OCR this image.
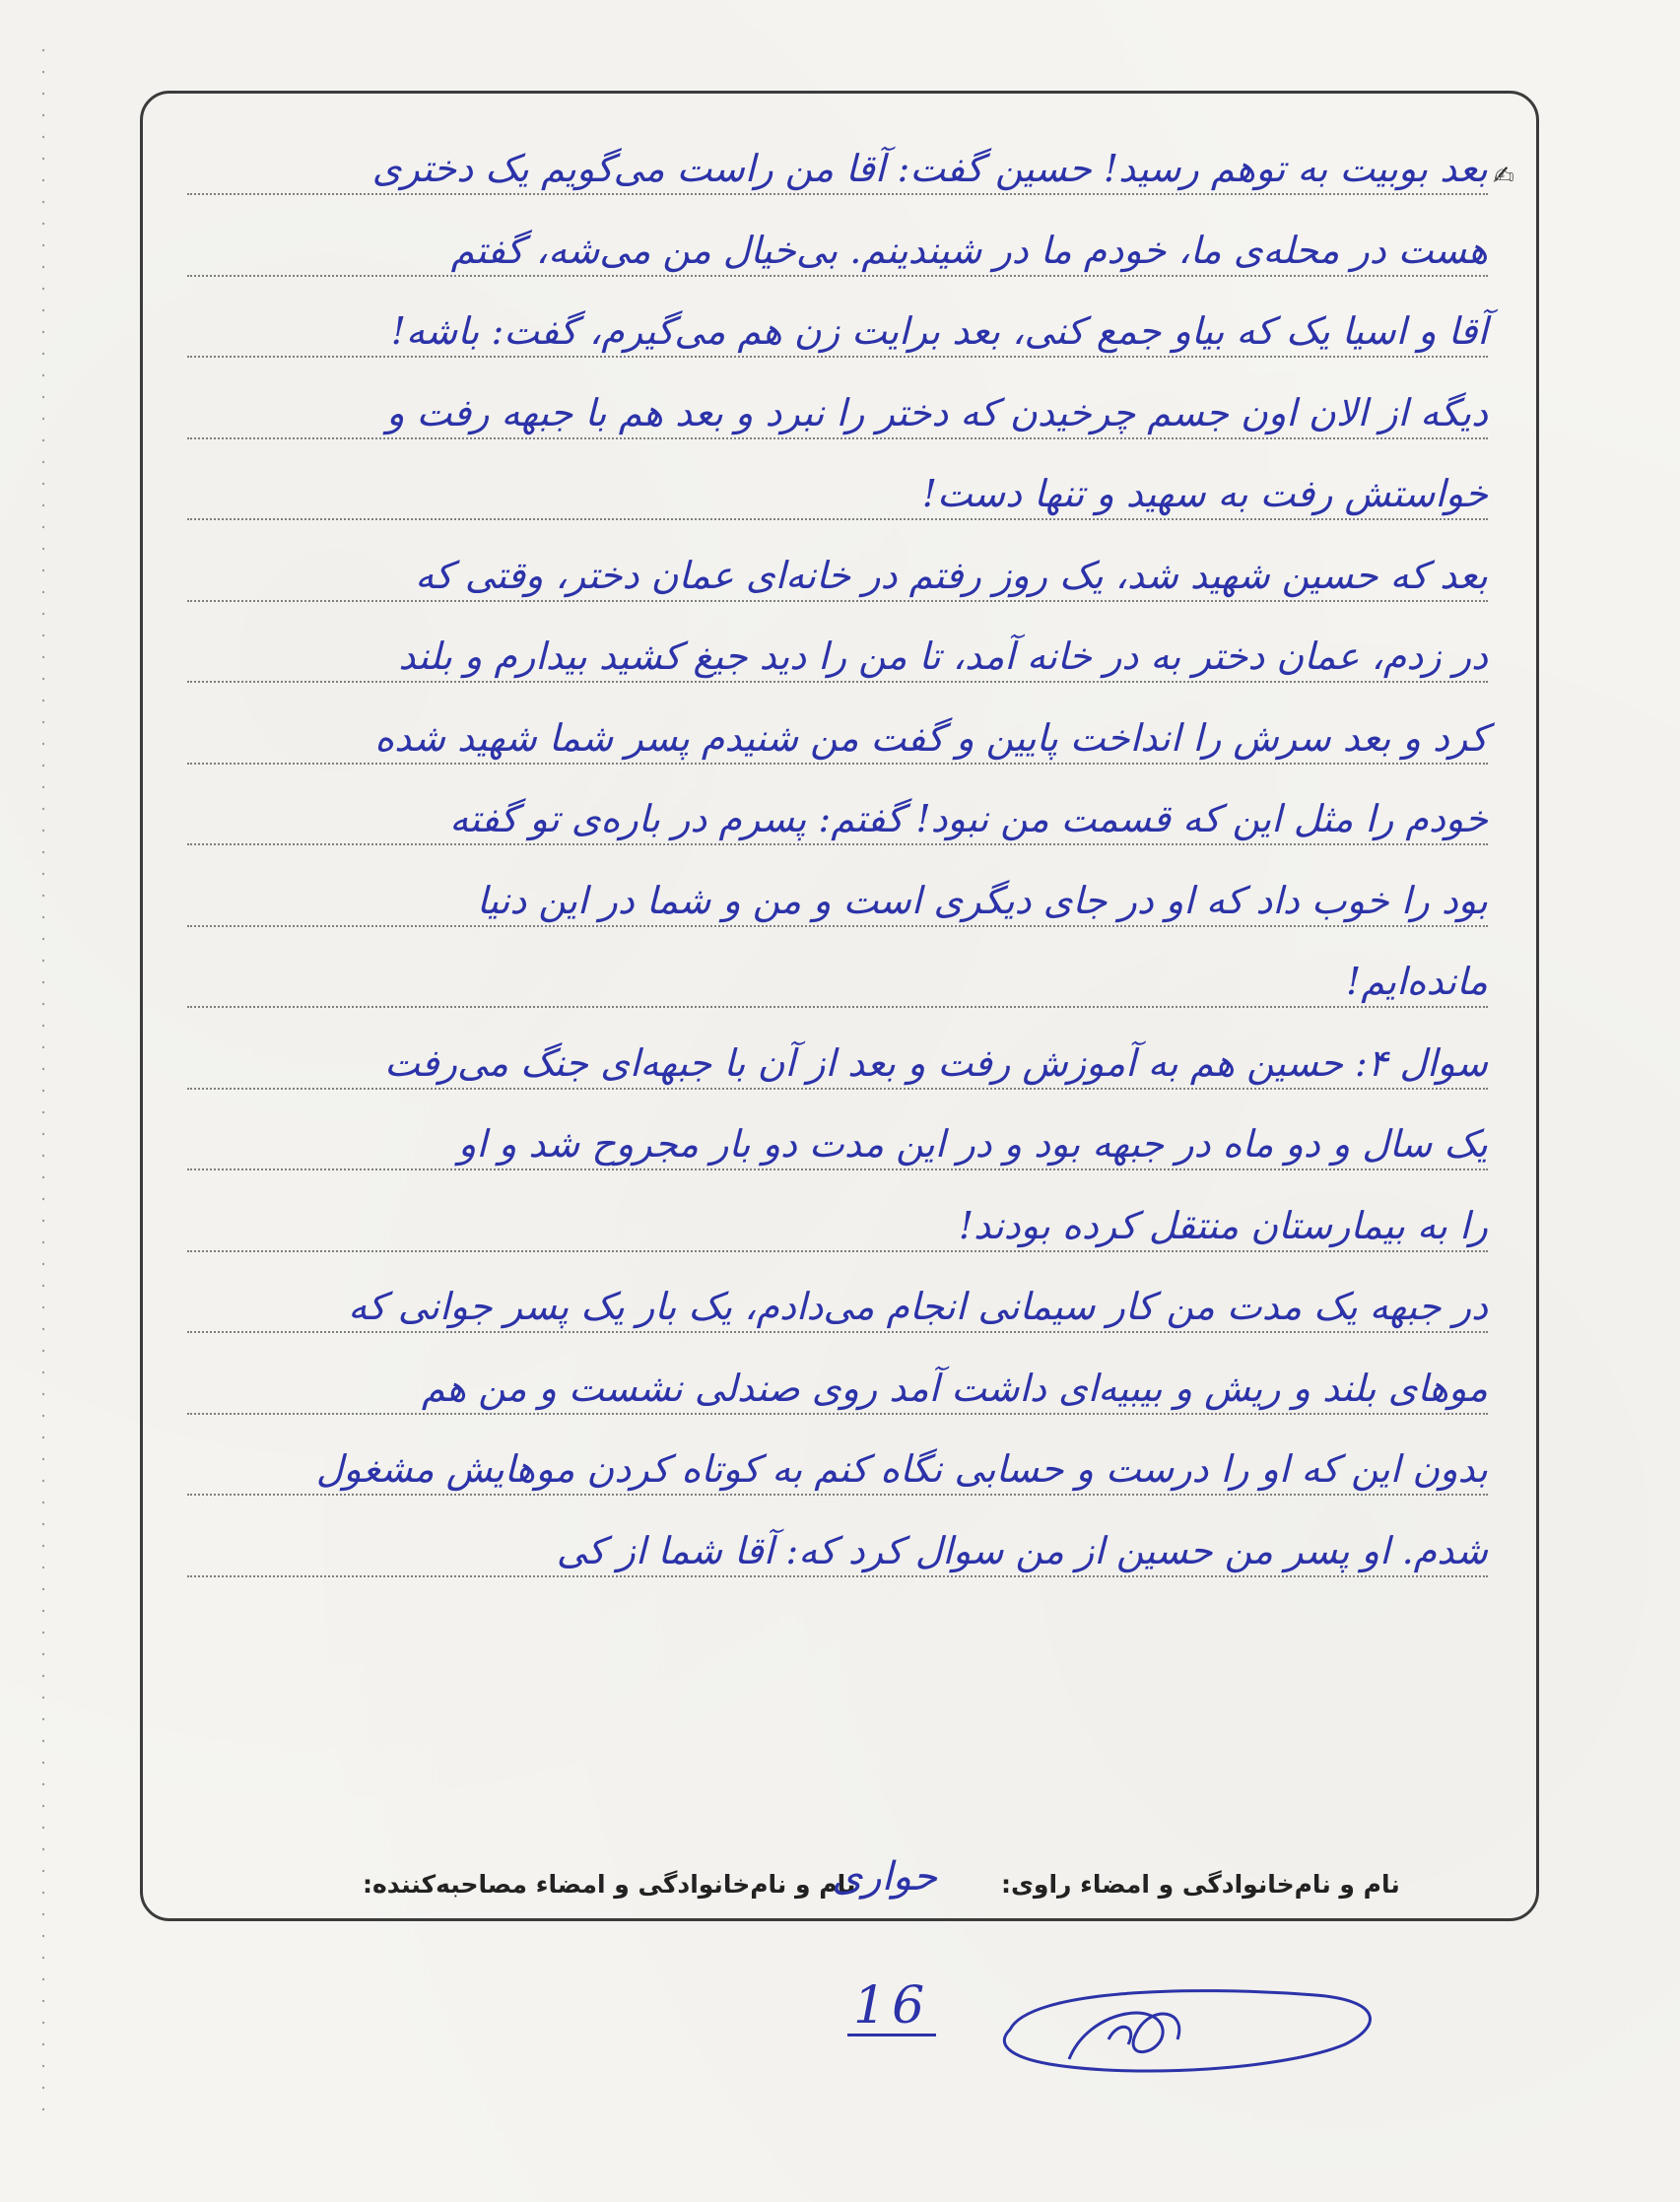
✍
بعد بوبیت به توهم رسید! حسین گفت: آقا من راست می‌گویم یک دختری
هست در محله‌ی ما، خودم ما در شیندینم. بی‌خیال من می‌شه، گفتم
آقا و اسیا یک که بیاو جمع کنی، بعد برایت زن هم می‌گیرم، گفت: باشه!
دیگه از الان اون جسم چرخیدن که دختر را نبرد و بعد هم با جبهه رفت و
خواستش رفت به سهید و تنها دست!
بعد که حسین شهید شد، یک روز رفتم در خانه‌ای عمان دختر، وقتی که
در زدم، عمان دختر به در خانه آمد، تا من را دید جیغ کشید بیدارم و بلند
کرد و بعد سرش را انداخت پایین و گفت من شنیدم پسر شما شهید شده
خودم را مثل این که قسمت من نبود! گفتم: پسرم در باره‌ی تو گفته
بود را خوب داد که او در جای دیگری است و من و شما در این دنیا
مانده‌ایم!
سوال ۴: حسین هم به آموزش رفت و بعد از آن با جبهه‌ای جنگ می‌رفت
یک سال و دو ماه در جبهه بود و در این مدت دو بار مجروح شد و او
را به بیمارستان منتقل کرده بودند!
در جبهه یک مدت من کار سیمانی انجام می‌دادم، یک بار یک پسر جوانی که
موهای بلند و ریش و بیبیه‌ای داشت آمد روی صندلی نشست و من هم
بدون این که او را درست و حسابی نگاه کنم به کوتاه کردن موهایش مشغول
شدم. او پسر من حسین از من سوال کرد که: آقا شما از کی
نام و نام‌خانوادگی و امضاء راوی:
نام و نام‌خانوادگی و امضاء مصاحبه‌کننده:
حواری
16
